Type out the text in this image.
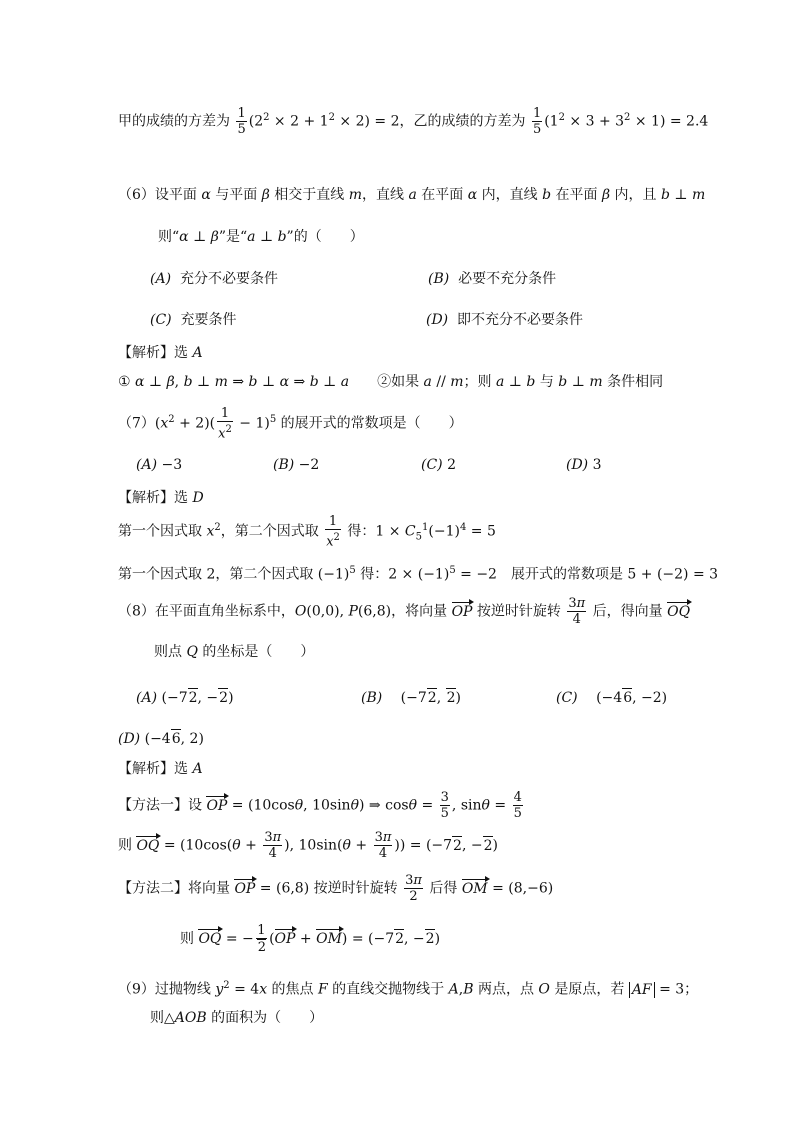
甲的成绩的方差为 $\frac{1}{5} (2^2 \times 2 + 1^2 \times 2) = 2$，乙的成绩的方差为 $\frac{1}{5} (1^2 \times 3 + 3^2 \times 1) = 2.4$
（6）设平面 α 与平面 β 相交于直线 m，直线 a 在平面 α 内，直线 b 在平面 β 内，且 b ⊥ m
则“α ⊥ β”是“a ⊥ b”的（　　）
(A)  充分不必要条件	(B)  必要不充分条件
(C)  充要条件	(D)  即不充分不必要条件
【解析】选 A
① α ⊥ β, b ⊥ m ⇒ b ⊥ α ⇒ b ⊥ a　　②如果 a // m；则 a ⊥ b 与 b ⊥ m 条件相同
$(7)(x^2 + 2)( \frac{1}{x^2} - 1)^5$ 的展开式的常数项是（　　）
(A) −3	(B) −2	(C) 2	(D) 3
【解析】选 D
第一个因式取 $x^2$，第二个因式取 $\frac{1}{x^2}$ 得：$1 \times C_5^1(-1)^4 = 5$
第一个因式取 2，第二个因式取 $(-1)^5$ 得：$2 \times (-1)^5 = -2$　展开式的常数项是 5 + (−2) = 3
（8）在平面直角坐标系中，O(0,0), P(6,8)，将向量 OP 按逆时针旋转 $\frac{3\pi}{4}$ 后，得向量 OQ
则点 Q 的坐标是（　　）
(A) (−72, −2)	(B)　 (−72, 2)	(C)　 (−46, −2)
(D) (−46, 2)
【解析】选 A
【方法一】设 OP = (10cosθ, 10sinθ) ⇒ $\cos\theta = \frac{3}{5}$ , $\sin\theta = \frac{4}{5}$
则 OQ = ($10\cos(\theta + \frac{3\pi}{4}$ ), $10\sin(\theta + \frac{3\pi}{4}$ )) = (−72, −2)
【方法二】将向量 OP = (6,8) 按逆时针旋转 $\frac{3\pi}{2}$ 后得 OM = (8,−6)
则 OQ = − $\frac{1}{2} (OP + OM) = (-72$, −2)
（9）过抛物线 $y^2 = 4x$ 的焦点 F 的直线交抛物线于 A,B 两点，点 O 是原点，若 AF = 3；
则△AOB 的面积为（　　）
